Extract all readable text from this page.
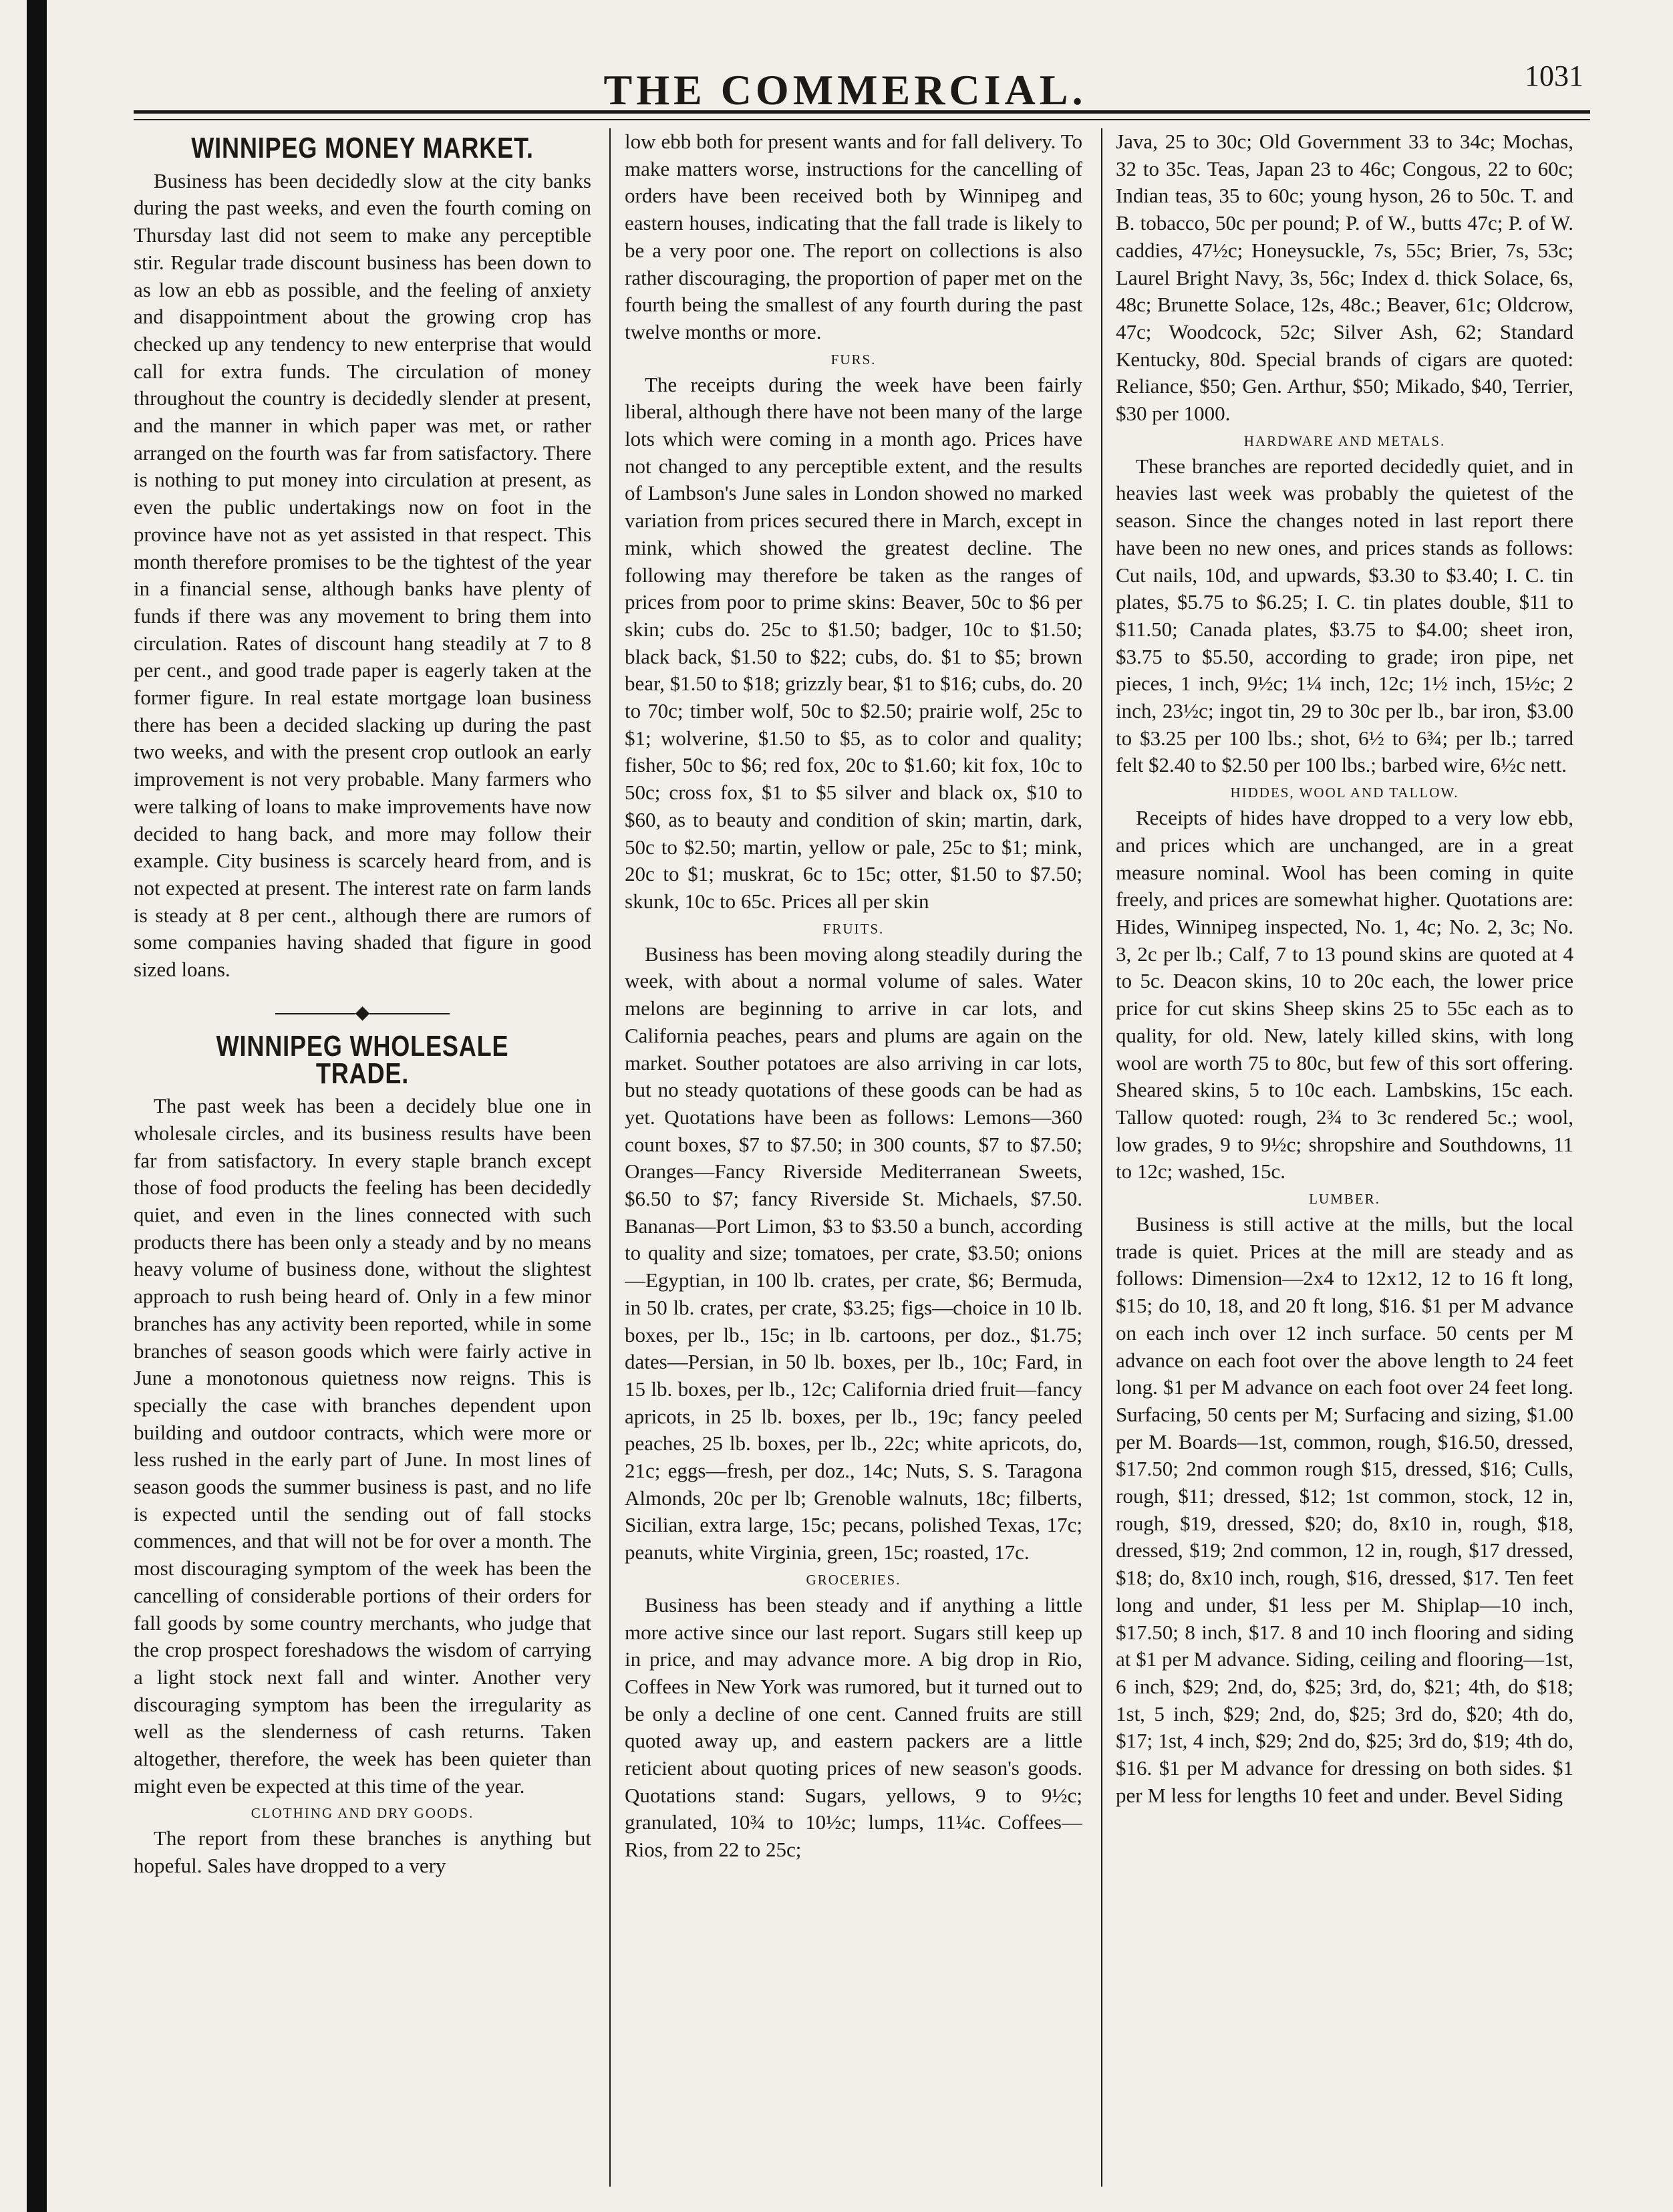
THE COMMERCIAL.	1031
WINNIPEG MONEY MARKET.

Business has been decidedly slow at the city banks during the past weeks, and even the fourth coming on Thursday last did not seem to make any perceptible stir. Regular trade discount business has been down to as low an ebb as possible, and the feeling of anxiety and disappointment about the growing crop has checked up any tendency to new enterprise that would call for extra funds. The circulation of money throughout the country is decidedly slender at present, and the manner in which paper was met, or rather arranged on the fourth was far from satisfactory. There is nothing to put money into circulation at present, as even the public undertakings now on foot in the province have not as yet assisted in that respect. This month therefore promises to be the tightest of the year in a financial sense, although banks have plenty of funds if there was any movement to bring them into circulation. Rates of discount hang steadily at 7 to 8 per cent., and good trade paper is eagerly taken at the former figure. In real estate mortgage loan business there has been a decided slacking up during the past two weeks, and with the present crop outlook an early improvement is not very probable. Many farmers who were talking of loans to make improvements have now decided to hang back, and more may follow their example. City business is scarcely heard from, and is not expected at present. The interest rate on farm lands is steady at 8 per cent., although there are rumors of some companies having shaded that figure in good sized loans.

◆
WINNIPEG WHOLESALE TRADE.

The past week has been a decidely blue one in wholesale circles, and its business results have been far from satisfactory. In every staple branch except those of food products the feeling has been decidedly quiet, and even in the lines connected with such products there has been only a steady and by no means heavy volume of business done, without the slightest approach to rush being heard of. Only in a few minor branches has any activity been reported, while in some branches of season goods which were fairly active in June a monotonous quietness now reigns. This is specially the case with branches dependent upon building and outdoor contracts, which were more or less rushed in the early part of June. In most lines of season goods the summer business is past, and no life is expected until the sending out of fall stocks commences, and that will not be for over a month. The most discouraging symptom of the week has been the cancelling of considerable portions of their orders for fall goods by some country merchants, who judge that the crop prospect foreshadows the wisdom of carrying a light stock next fall and winter. Another very discouraging symptom has been the irregularity as well as the slenderness of cash returns. Taken altogether, therefore, the week has been quieter than might even be expected at this time of the year.

CLOTHING AND DRY GOODS.

The report from these branches is anything but hopeful. Sales have dropped to a very

low ebb both for present wants and for fall delivery. To make matters worse, instructions for the cancelling of orders have been received both by Winnipeg and eastern houses, indicating that the fall trade is likely to be a very poor one. The report on collections is also rather discouraging, the proportion of paper met on the fourth being the smallest of any fourth during the past twelve months or more.

FURS.

The receipts during the week have been fairly liberal, although there have not been many of the large lots which were coming in a month ago. Prices have not changed to any perceptible extent, and the results of Lambson's June sales in London showed no marked variation from prices secured there in March, except in mink, which showed the greatest decline. The following may therefore be taken as the ranges of prices from poor to prime skins: Beaver, 50c to $6 per skin; cubs do. 25c to $1.50; badger, 10c to $1.50; black back, $1.50 to $22; cubs, do. $1 to $5; brown bear, $1.50 to $18; grizzly bear, $1 to $16; cubs, do. 20 to 70c; timber wolf, 50c to $2.50; prairie wolf, 25c to $1; wolverine, $1.50 to $5, as to color and quality; fisher, 50c to $6; red fox, 20c to $1.60; kit fox, 10c to 50c; cross fox, $1 to $5 silver and black ox, $10 to $60, as to beauty and condition of skin; martin, dark, 50c to $2.50; martin, yellow or pale, 25c to $1; mink, 20c to $1; muskrat, 6c to 15c; otter, $1.50 to $7.50; skunk, 10c to 65c. Prices all per skin

FRUITS.

Business has been moving along steadily during the week, with about a normal volume of sales. Water melons are beginning to arrive in car lots, and California peaches, pears and plums are again on the market. Souther potatoes are also arriving in car lots, but no steady quotations of these goods can be had as yet. Quotations have been as follows: Lemons—360 count boxes, $7 to $7.50; in 300 counts, $7 to $7.50; Oranges—Fancy Riverside Mediterranean Sweets, $6.50 to $7; fancy Riverside St. Michaels, $7.50. Bananas—Port Limon, $3 to $3.50 a bunch, according to quality and size; tomatoes, per crate, $3.50; onions—Egyptian, in 100 lb. crates, per crate, $6; Bermuda, in 50 lb. crates, per crate, $3.25; figs—choice in 10 lb. boxes, per lb., 15c; in lb. cartoons, per doz., $1.75; dates—Persian, in 50 lb. boxes, per lb., 10c; Fard, in 15 lb. boxes, per lb., 12c; California dried fruit—fancy apricots, in 25 lb. boxes, per lb., 19c; fancy peeled peaches, 25 lb. boxes, per lb., 22c; white apricots, do, 21c; eggs—fresh, per doz., 14c; Nuts, S. S. Taragona Almonds, 20c per lb; Grenoble walnuts, 18c; filberts, Sicilian, extra large, 15c; pecans, polished Texas, 17c; peanuts, white Virginia, green, 15c; roasted, 17c.

GROCERIES.

Business has been steady and if anything a little more active since our last report. Sugars still keep up in price, and may advance more. A big drop in Rio, Coffees in New York was rumored, but it turned out to be only a decline of one cent. Canned fruits are still quoted away up, and eastern packers are a little reticient about quoting prices of new season's goods. Quotations stand: Sugars, yellows, 9 to 9½c; granulated, 10¾ to 10½c; lumps, 11¼c. Coffees—Rios, from 22 to 25c;

Java, 25 to 30c; Old Government 33 to 34c; Mochas, 32 to 35c. Teas, Japan 23 to 46c; Congous, 22 to 60c; Indian teas, 35 to 60c; young hyson, 26 to 50c. T. and B. tobacco, 50c per pound; P. of W., butts 47c; P. of W. caddies, 47½c; Honeysuckle, 7s, 55c; Brier, 7s, 53c; Laurel Bright Navy, 3s, 56c; Index d. thick Solace, 6s, 48c; Brunette Solace, 12s, 48c.; Beaver, 61c; Oldcrow, 47c; Woodcock, 52c; Silver Ash, 62; Standard Kentucky, 80d. Special brands of cigars are quoted: Reliance, $50; Gen. Arthur, $50; Mikado, $40, Terrier, $30 per 1000.

HARDWARE AND METALS.

These branches are reported decidedly quiet, and in heavies last week was probably the quietest of the season. Since the changes noted in last report there have been no new ones, and prices stands as follows: Cut nails, 10d, and upwards, $3.30 to $3.40; I. C. tin plates, $5.75 to $6.25; I. C. tin plates double, $11 to $11.50; Canada plates, $3.75 to $4.00; sheet iron, $3.75 to $5.50, according to grade; iron pipe, net pieces, 1 inch, 9½c; 1¼ inch, 12c; 1½ inch, 15½c; 2 inch, 23½c; ingot tin, 29 to 30c per lb., bar iron, $3.00 to $3.25 per 100 lbs.; shot, 6½ to 6¾; per lb.; tarred felt $2.40 to $2.50 per 100 lbs.; barbed wire, 6½c nett.

HIDDES, WOOL AND TALLOW.

Receipts of hides have dropped to a very low ebb, and prices which are unchanged, are in a great measure nominal. Wool has been coming in quite freely, and prices are somewhat higher. Quotations are: Hides, Winnipeg inspected, No. 1, 4c; No. 2, 3c; No. 3, 2c per lb.; Calf, 7 to 13 pound skins are quoted at 4 to 5c. Deacon skins, 10 to 20c each, the lower price price for cut skins Sheep skins 25 to 55c each as to quality, for old. New, lately killed skins, with long wool are worth 75 to 80c, but few of this sort offering. Sheared skins, 5 to 10c each. Lambskins, 15c each. Tallow quoted: rough, 2¾ to 3c rendered 5c.; wool, low grades, 9 to 9½c; shropshire and Southdowns, 11 to 12c; washed, 15c.

LUMBER.

Business is still active at the mills, but the local trade is quiet. Prices at the mill are steady and as follows: Dimension—2x4 to 12x12, 12 to 16 ft long, $15; do 10, 18, and 20 ft long, $16. $1 per M advance on each inch over 12 inch surface. 50 cents per M advance on each foot over the above length to 24 feet long. $1 per M advance on each foot over 24 feet long. Surfacing, 50 cents per M; Surfacing and sizing, $1.00 per M. Boards—1st, common, rough, $16.50, dressed, $17.50; 2nd common rough $15, dressed, $16; Culls, rough, $11; dressed, $12; 1st common, stock, 12 in, rough, $19, dressed, $20; do, 8x10 in, rough, $18, dressed, $19; 2nd common, 12 in, rough, $17 dressed, $18; do, 8x10 inch, rough, $16, dressed, $17. Ten feet long and under, $1 less per M. Shiplap—10 inch, $17.50; 8 inch, $17. 8 and 10 inch flooring and siding at $1 per M advance. Siding, ceiling and flooring—1st, 6 inch, $29; 2nd, do, $25; 3rd, do, $21; 4th, do $18; 1st, 5 inch, $29; 2nd, do, $25; 3rd do, $20; 4th do, $17; 1st, 4 inch, $29; 2nd do, $25; 3rd do, $19; 4th do, $16. $1 per M advance for dressing on both sides. $1 per M less for lengths 10 feet and under. Bevel Siding
